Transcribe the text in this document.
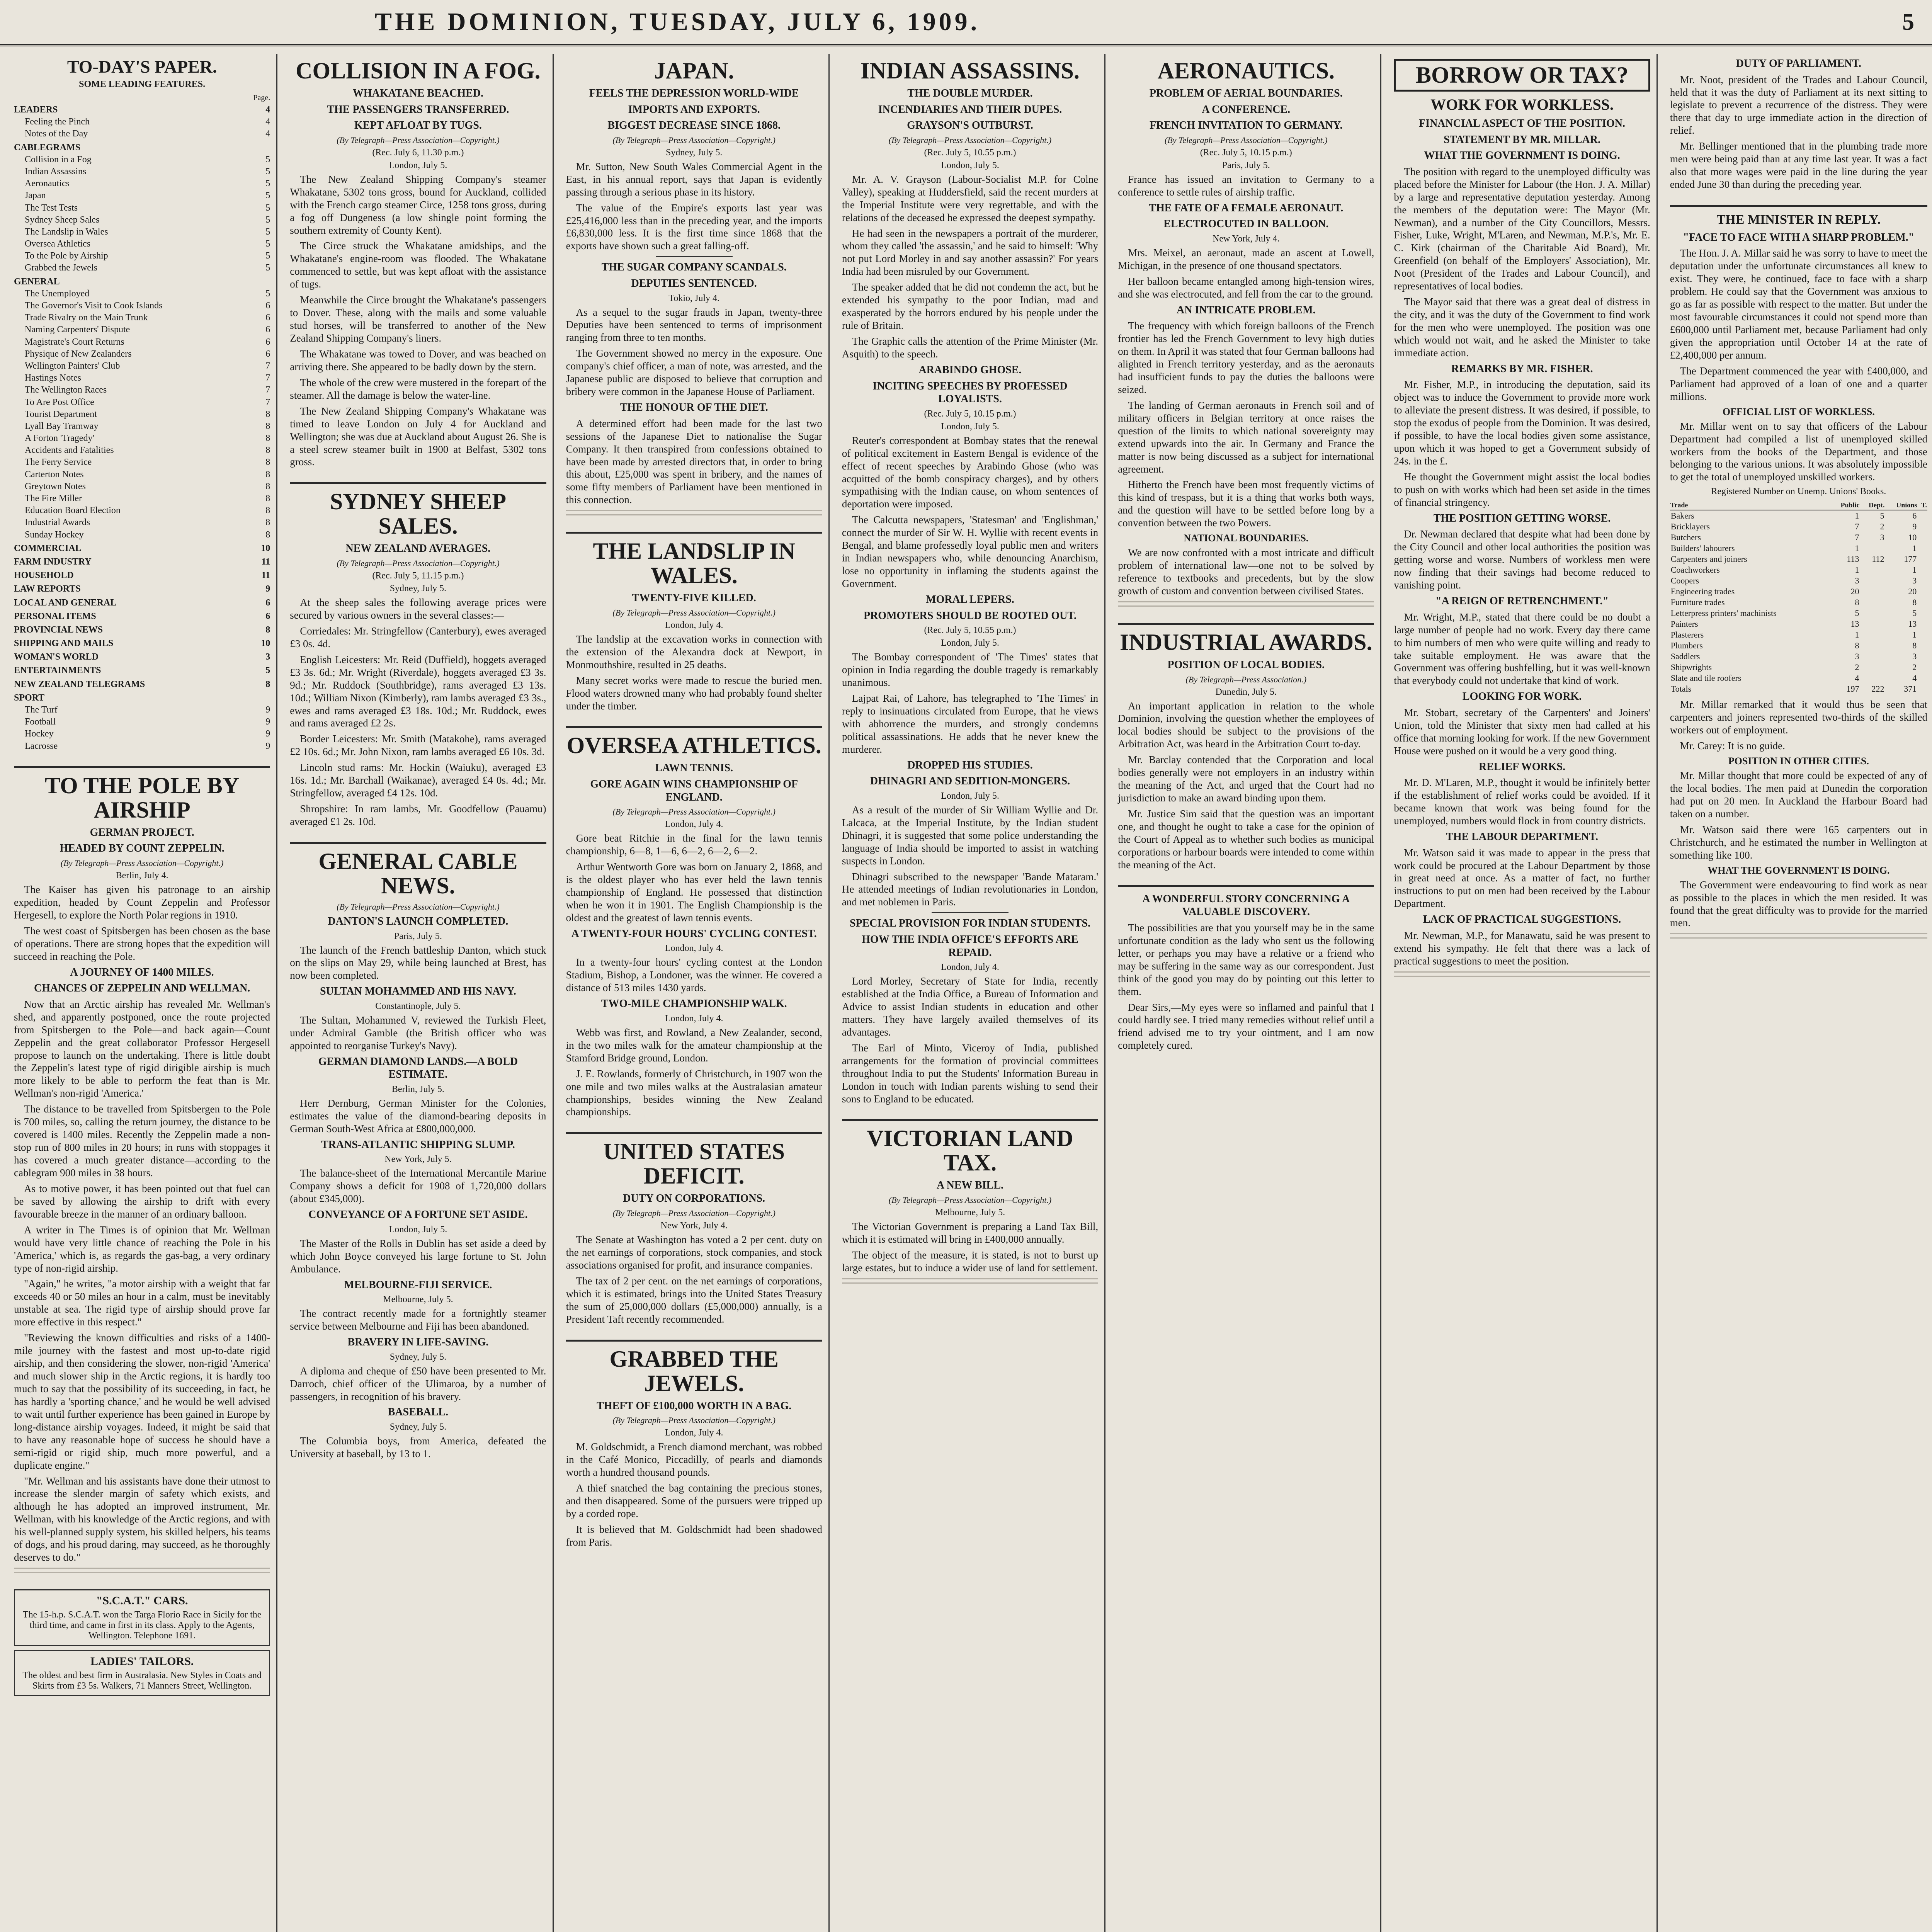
THE DOMINION, TUESDAY, JULY 6, 1909.	5
TO-DAY'S PAPER.
SOME LEADING FEATURES.
Page.
LEADERS	4
Feeling the Pinch	4
Notes of the Day	4
CABLEGRAMS
Collision in a Fog	5
Indian Assassins	5
Aeronautics	5
Japan	5
The Test Tests	5
Sydney Sheep Sales	5
The Landslip in Wales	5
Oversea Athletics	5
To the Pole by Airship	5
Grabbed the Jewels	5
GENERAL
The Unemployed	5
The Governor's Visit to Cook Islands	6
Trade Rivalry on the Main Trunk	6
Naming Carpenters' Dispute	6
Magistrate's Court Returns	6
Physique of New Zealanders	6
Wellington Painters' Club	7
Hastings Notes	7
The Wellington Races	7
To Are Post Office	7
Tourist Department	8
Lyall Bay Tramway	8
A Forton 'Tragedy'	8
Accidents and Fatalities	8
The Ferry Service	8
Carterton Notes	8
Greytown Notes	8
The Fire Miller	8
Education Board Election	8
Industrial Awards	8
Sunday Hockey	8
COMMERCIAL	10
FARM INDUSTRY	11
HOUSEHOLD	11
LAW REPORTS	9
LOCAL AND GENERAL	6
PERSONAL ITEMS	6
PROVINCIAL NEWS	8
SHIPPING AND MAILS	10
WOMAN'S WORLD	3
ENTERTAINMENTS	5
NEW ZEALAND TELEGRAMS	8
SPORT
The Turf	9
Football	9
Hockey	9
Lacrosse	9
TO THE POLE BY AIRSHIP
GERMAN PROJECT.
HEADED BY COUNT ZEPPELIN.
(By Telegraph—Press Association—Copyright.)
Berlin, July 4.

The Kaiser has given his patronage to an airship expedition, headed by Count Zeppelin and Professor Hergesell, to explore the North Polar regions in 1910.

The west coast of Spitsbergen has been chosen as the base of operations. There are strong hopes that the expedition will succeed in reaching the Pole.

A JOURNEY OF 1400 MILES.
CHANCES OF ZEPPELIN AND WELLMAN.

Now that an Arctic airship has revealed Mr. Wellman's shed, and apparently postponed, once the route projected from Spitsbergen to the Pole—and back again—Count Zeppelin and the great collaborator Professor Hergesell propose to launch on the undertaking. There is little doubt the Zeppelin's latest type of rigid dirigible airship is much more likely to be able to perform the feat than is Mr. Wellman's non-rigid 'America.'

The distance to be travelled from Spitsbergen to the Pole is 700 miles, so, calling the return journey, the distance to be covered is 1400 miles. Recently the Zeppelin made a non-stop run of 800 miles in 20 hours; in runs with stoppages it has covered a much greater distance—according to the cablegram 900 miles in 38 hours.

As to motive power, it has been pointed out that fuel can be saved by allowing the airship to drift with every favourable breeze in the manner of an ordinary balloon.

A writer in The Times is of opinion that Mr. Wellman would have very little chance of reaching the Pole in his 'America,' which is, as regards the gas-bag, a very ordinary type of non-rigid airship.

"Again," he writes, "a motor airship with a weight that far exceeds 40 or 50 miles an hour in a calm, must be inevitably unstable at sea. The rigid type of airship should prove far more effective in this respect."

"Reviewing the known difficulties and risks of a 1400-mile journey with the fastest and most up-to-date rigid airship, and then considering the slower, non-rigid 'America' and much slower ship in the Arctic regions, it is hardly too much to say that the possibility of its succeeding, in fact, he has hardly a 'sporting chance,' and he would be well advised to wait until further experience has been gained in Europe by long-distance airship voyages. Indeed, it might be said that to have any reasonable hope of success he should have a semi-rigid or rigid ship, much more powerful, and a duplicate engine."

"Mr. Wellman and his assistants have done their utmost to increase the slender margin of safety which exists, and although he has adopted an improved instrument, Mr. Wellman, with his knowledge of the Arctic regions, and with his well-planned supply system, his skilled helpers, his teams of dogs, and his proud daring, may succeed, as he thoroughly deserves to do."

"S.C.A.T." CARS.
The 15-h.p. S.C.A.T. won the Targa Florio Race in Sicily for the third time, and came in first in its class. Apply to the Agents, Wellington. Telephone 1691.
LADIES' TAILORS.
The oldest and best firm in Australasia. New Styles in Coats and Skirts from £3 5s. Walkers, 71 Manners Street, Wellington.
COLLISION IN A FOG.
WHAKATANE BEACHED.
THE PASSENGERS TRANSFERRED.
KEPT AFLOAT BY TUGS.
(By Telegraph—Press Association—Copyright.)
(Rec. July 6, 11.30 p.m.)
London, July 5.

The New Zealand Shipping Company's steamer Whakatane, 5302 tons gross, bound for Auckland, collided with the French cargo steamer Circe, 1258 tons gross, during a fog off Dungeness (a low shingle point forming the southern extremity of County Kent).

The Circe struck the Whakatane amidships, and the Whakatane's engine-room was flooded. The Whakatane commenced to settle, but was kept afloat with the assistance of tugs.

Meanwhile the Circe brought the Whakatane's passengers to Dover. These, along with the mails and some valuable stud horses, will be transferred to another of the New Zealand Shipping Company's liners.

The Whakatane was towed to Dover, and was beached on arriving there. She appeared to be badly down by the stern.

The whole of the crew were mustered in the forepart of the steamer. All the damage is below the water-line.

The New Zealand Shipping Company's Whakatane was timed to leave London on July 4 for Auckland and Wellington; she was due at Auckland about August 26. She is a steel screw steamer built in 1900 at Belfast, 5302 tons gross.

SYDNEY SHEEP SALES.
NEW ZEALAND AVERAGES.
(By Telegraph—Press Association—Copyright.)
(Rec. July 5, 11.15 p.m.)
Sydney, July 5.

At the sheep sales the following average prices were secured by various owners in the several classes:—

Corriedales: Mr. Stringfellow (Canterbury), ewes averaged £3 0s. 4d.

English Leicesters: Mr. Reid (Duffield), hoggets averaged £3 3s. 6d.; Mr. Wright (Riverdale), hoggets averaged £3 3s. 9d.; Mr. Ruddock (Southbridge), rams averaged £3 13s. 10d.; William Nixon (Kimberly), ram lambs averaged £3 3s., ewes and rams averaged £3 18s. 10d.; Mr. Ruddock, ewes and rams averaged £2 2s.

Border Leicesters: Mr. Smith (Matakohe), rams averaged £2 10s. 6d.; Mr. John Nixon, ram lambs averaged £6 10s. 3d.

Lincoln stud rams: Mr. Hockin (Waiuku), averaged £3 16s. 1d.; Mr. Barchall (Waikanae), averaged £4 0s. 4d.; Mr. Stringfellow, averaged £4 12s. 10d.

Shropshire: In ram lambs, Mr. Goodfellow (Pauamu) averaged £1 2s. 10d.

GENERAL CABLE NEWS.
(By Telegraph—Press Association—Copyright.)
DANTON'S LAUNCH COMPLETED.
Paris, July 5.

The launch of the French battleship Danton, which stuck on the slips on May 29, while being launched at Brest, has now been completed.

SULTAN MOHAMMED AND HIS NAVY.
Constantinople, July 5.

The Sultan, Mohammed V, reviewed the Turkish Fleet, under Admiral Gamble (the British officer who was appointed to reorganise Turkey's Navy).

GERMAN DIAMOND LANDS.—A BOLD ESTIMATE.
Berlin, July 5.

Herr Dernburg, German Minister for the Colonies, estimates the value of the diamond-bearing deposits in German South-West Africa at £800,000,000.

TRANS-ATLANTIC SHIPPING SLUMP.
New York, July 5.

The balance-sheet of the International Mercantile Marine Company shows a deficit for 1908 of 1,720,000 dollars (about £345,000).

CONVEYANCE OF A FORTUNE SET ASIDE.
London, July 5.

The Master of the Rolls in Dublin has set aside a deed by which John Boyce conveyed his large fortune to St. John Ambulance.

MELBOURNE-FIJI SERVICE.
Melbourne, July 5.

The contract recently made for a fortnightly steamer service between Melbourne and Fiji has been abandoned.

BRAVERY IN LIFE-SAVING.
Sydney, July 5.

A diploma and cheque of £50 have been presented to Mr. Darroch, chief officer of the Ulimaroa, by a number of passengers, in recognition of his bravery.

BASEBALL.
Sydney, July 5.

The Columbia boys, from America, defeated the University at baseball, by 13 to 1.

JAPAN.
FEELS THE DEPRESSION WORLD-WIDE
IMPORTS AND EXPORTS.
BIGGEST DECREASE SINCE 1868.
(By Telegraph—Press Association—Copyright.)
Sydney, July 5.

Mr. Sutton, New South Wales Commercial Agent in the East, in his annual report, says that Japan is evidently passing through a serious phase in its history.

The value of the Empire's exports last year was £25,416,000 less than in the preceding year, and the imports £6,830,000 less. It is the first time since 1868 that the exports have shown such a great falling-off.

THE SUGAR COMPANY SCANDALS.
DEPUTIES SENTENCED.
Tokio, July 4.

As a sequel to the sugar frauds in Japan, twenty-three Deputies have been sentenced to terms of imprisonment ranging from three to ten months.

The Government showed no mercy in the exposure. One company's chief officer, a man of note, was arrested, and the Japanese public are disposed to believe that corruption and bribery were common in the Japanese House of Parliament.

THE HONOUR OF THE DIET.

A determined effort had been made for the last two sessions of the Japanese Diet to nationalise the Sugar Company. It then transpired from confessions obtained to have been made by arrested directors that, in order to bring this about, £25,000 was spent in bribery, and the names of some fifty members of Parliament have been mentioned in this connection.

THE LANDSLIP IN WALES.
TWENTY-FIVE KILLED.
(By Telegraph—Press Association—Copyright.)
London, July 4.

The landslip at the excavation works in connection with the extension of the Alexandra dock at Newport, in Monmouthshire, resulted in 25 deaths.

Many secret works were made to rescue the buried men. Flood waters drowned many who had probably found shelter under the timber.

OVERSEA ATHLETICS.
LAWN TENNIS.
GORE AGAIN WINS CHAMPIONSHIP OF ENGLAND.
(By Telegraph—Press Association—Copyright.)
London, July 4.

Gore beat Ritchie in the final for the lawn tennis championship, 6—8, 1—6, 6—2, 6—2, 6—2.

Arthur Wentworth Gore was born on January 2, 1868, and is the oldest player who has ever held the lawn tennis championship of England. He possessed that distinction when he won it in 1901. The English Championship is the oldest and the greatest of lawn tennis events.

A TWENTY-FOUR HOURS' CYCLING CONTEST.
London, July 4.

In a twenty-four hours' cycling contest at the London Stadium, Bishop, a Londoner, was the winner. He covered a distance of 513 miles 1430 yards.

TWO-MILE CHAMPIONSHIP WALK.
London, July 4.

Webb was first, and Rowland, a New Zealander, second, in the two miles walk for the amateur championship at the Stamford Bridge ground, London.

J. E. Rowlands, formerly of Christchurch, in 1907 won the one mile and two miles walks at the Australasian amateur championships, besides winning the New Zealand championships.

UNITED STATES DEFICIT.
DUTY ON CORPORATIONS.
(By Telegraph—Press Association—Copyright.)
New York, July 4.

The Senate at Washington has voted a 2 per cent. duty on the net earnings of corporations, stock companies, and stock associations organised for profit, and insurance companies.

The tax of 2 per cent. on the net earnings of corporations, which it is estimated, brings into the United States Treasury the sum of 25,000,000 dollars (£5,000,000) annually, is a President Taft recently recommended.

GRABBED THE JEWELS.
THEFT OF £100,000 WORTH IN A BAG.
(By Telegraph—Press Association—Copyright.)
London, July 4.

M. Goldschmidt, a French diamond merchant, was robbed in the Café Monico, Piccadilly, of pearls and diamonds worth a hundred thousand pounds.

A thief snatched the bag containing the precious stones, and then disappeared. Some of the pursuers were tripped up by a corded rope.

It is believed that M. Goldschmidt had been shadowed from Paris.

INDIAN ASSASSINS.
THE DOUBLE MURDER.
INCENDIARIES AND THEIR DUPES.
GRAYSON'S OUTBURST.
(By Telegraph—Press Association—Copyright.)
(Rec. July 5, 10.55 p.m.)
London, July 5.

Mr. A. V. Grayson (Labour-Socialist M.P. for Colne Valley), speaking at Huddersfield, said the recent murders at the Imperial Institute were very regrettable, and with the relations of the deceased he expressed the deepest sympathy.

He had seen in the newspapers a portrait of the murderer, whom they called 'the assassin,' and he said to himself: 'Why not put Lord Morley in and say another assassin?' For years India had been misruled by our Government.

The speaker added that he did not condemn the act, but he extended his sympathy to the poor Indian, mad and exasperated by the horrors endured by his people under the rule of Britain.

The Graphic calls the attention of the Prime Minister (Mr. Asquith) to the speech.

ARABINDO GHOSE.
INCITING SPEECHES BY PROFESSED LOYALISTS.
(Rec. July 5, 10.15 p.m.)
London, July 5.

Reuter's correspondent at Bombay states that the renewal of political excitement in Eastern Bengal is evidence of the effect of recent speeches by Arabindo Ghose (who was acquitted of the bomb conspiracy charges), and by others sympathising with the Indian cause, on whom sentences of deportation were imposed.

The Calcutta newspapers, 'Statesman' and 'Englishman,' connect the murder of Sir W. H. Wyllie with recent events in Bengal, and blame professedly loyal public men and writers in Indian newspapers who, while denouncing Anarchism, lose no opportunity in inflaming the students against the Government.

MORAL LEPERS.
PROMOTERS SHOULD BE ROOTED OUT.
(Rec. July 5, 10.55 p.m.)
London, July 5.

The Bombay correspondent of 'The Times' states that opinion in India regarding the double tragedy is remarkably unanimous.

Lajpat Rai, of Lahore, has telegraphed to 'The Times' in reply to insinuations circulated from Europe, that he views with abhorrence the murders, and strongly condemns political assassinations. He adds that he never knew the murderer.

DROPPED HIS STUDIES.
DHINAGRI AND SEDITION-MONGERS.
London, July 5.

As a result of the murder of Sir William Wyllie and Dr. Lalcaca, at the Imperial Institute, by the Indian student Dhinagri, it is suggested that some police understanding the language of India should be imported to assist in watching suspects in London.

Dhinagri subscribed to the newspaper 'Bande Mataram.' He attended meetings of Indian revolutionaries in London, and met noblemen in Paris.

SPECIAL PROVISION FOR INDIAN STUDENTS.
HOW THE INDIA OFFICE'S EFFORTS ARE REPAID.
London, July 4.

Lord Morley, Secretary of State for India, recently established at the India Office, a Bureau of Information and Advice to assist Indian students in education and other matters. They have largely availed themselves of its advantages.

The Earl of Minto, Viceroy of India, published arrangements for the formation of provincial committees throughout India to put the Students' Information Bureau in London in touch with Indian parents wishing to send their sons to England to be educated.

VICTORIAN LAND TAX.
A NEW BILL.
(By Telegraph—Press Association—Copyright.)
Melbourne, July 5.

The Victorian Government is preparing a Land Tax Bill, which it is estimated will bring in £400,000 annually.

The object of the measure, it is stated, is not to burst up large estates, but to induce a wider use of land for settlement.

AERONAUTICS.
PROBLEM OF AERIAL BOUNDARIES.
A CONFERENCE.
FRENCH INVITATION TO GERMANY.
(By Telegraph—Press Association—Copyright.)
(Rec. July 5, 10.15 p.m.)
Paris, July 5.

France has issued an invitation to Germany to a conference to settle rules of airship traffic.

THE FATE OF A FEMALE AERONAUT.
ELECTROCUTED IN BALLOON.
New York, July 4.

Mrs. Meixel, an aeronaut, made an ascent at Lowell, Michigan, in the presence of one thousand spectators.

Her balloon became entangled among high-tension wires, and she was electrocuted, and fell from the car to the ground.

AN INTRICATE PROBLEM.

The frequency with which foreign balloons of the French frontier has led the French Government to levy high duties on them. In April it was stated that four German balloons had alighted in French territory yesterday, and as the aeronauts had insufficient funds to pay the duties the balloons were seized.

The landing of German aeronauts in French soil and of military officers in Belgian territory at once raises the question of the limits to which national sovereignty may extend upwards into the air. In Germany and France the matter is now being discussed as a subject for international agreement.

Hitherto the French have been most frequently victims of this kind of trespass, but it is a thing that works both ways, and the question will have to be settled before long by a convention between the two Powers.

NATIONAL BOUNDARIES.

We are now confronted with a most intricate and difficult problem of international law—one not to be solved by reference to textbooks and precedents, but by the slow growth of custom and convention between civilised States.

INDUSTRIAL AWARDS.
POSITION OF LOCAL BODIES.
(By Telegraph—Press Association.)
Dunedin, July 5.

An important application in relation to the whole Dominion, involving the question whether the employees of local bodies should be subject to the provisions of the Arbitration Act, was heard in the Arbitration Court to-day.

Mr. Barclay contended that the Corporation and local bodies generally were not employers in an industry within the meaning of the Act, and urged that the Court had no jurisdiction to make an award binding upon them.

Mr. Justice Sim said that the question was an important one, and thought he ought to take a case for the opinion of the Court of Appeal as to whether such bodies as municipal corporations or harbour boards were intended to come within the meaning of the Act.

A WONDERFUL STORY CONCERNING A VALUABLE DISCOVERY.

The possibilities are that you yourself may be in the same unfortunate condition as the lady who sent us the following letter, or perhaps you may have a relative or a friend who may be suffering in the same way as our correspondent. Just think of the good you may do by pointing out this letter to them.

Dear Sirs,—My eyes were so inflamed and painful that I could hardly see. I tried many remedies without relief until a friend advised me to try your ointment, and I am now completely cured.

BORROW OR TAX?
WORK FOR WORKLESS.
FINANCIAL ASPECT OF THE POSITION.
STATEMENT BY MR. MILLAR.
WHAT THE GOVERNMENT IS DOING.

The position with regard to the unemployed difficulty was placed before the Minister for Labour (the Hon. J. A. Millar) by a large and representative deputation yesterday. Among the members of the deputation were: The Mayor (Mr. Newman), and a number of the City Councillors, Messrs. Fisher, Luke, Wright, M'Laren, and Newman, M.P.'s, Mr. E. C. Kirk (chairman of the Charitable Aid Board), Mr. Greenfield (on behalf of the Employers' Association), Mr. Noot (President of the Trades and Labour Council), and representatives of local bodies.

The Mayor said that there was a great deal of distress in the city, and it was the duty of the Government to find work for the men who were unemployed. The position was one which would not wait, and he asked the Minister to take immediate action.

REMARKS BY MR. FISHER.

Mr. Fisher, M.P., in introducing the deputation, said its object was to induce the Government to provide more work to alleviate the present distress. It was desired, if possible, to stop the exodus of people from the Dominion. It was desired, if possible, to have the local bodies given some assistance, upon which it was hoped to get a Government subsidy of 24s. in the £.

He thought the Government might assist the local bodies to push on with works which had been set aside in the times of financial stringency.

THE POSITION GETTING WORSE.

Dr. Newman declared that despite what had been done by the City Council and other local authorities the position was getting worse and worse. Numbers of workless men were now finding that their savings had become reduced to vanishing point.

"A REIGN OF RETRENCHMENT."

Mr. Wright, M.P., stated that there could be no doubt a large number of people had no work. Every day there came to him numbers of men who were quite willing and ready to take suitable employment. He was aware that the Government was offering bushfelling, but it was well-known that everybody could not undertake that kind of work.

LOOKING FOR WORK.

Mr. Stobart, secretary of the Carpenters' and Joiners' Union, told the Minister that sixty men had called at his office that morning looking for work. If the new Government House were pushed on it would be a very good thing.

RELIEF WORKS.

Mr. D. M'Laren, M.P., thought it would be infinitely better if the establishment of relief works could be avoided. If it became known that work was being found for the unemployed, numbers would flock in from country districts.

THE LABOUR DEPARTMENT.

Mr. Watson said it was made to appear in the press that work could be procured at the Labour Department by those in great need at once. As a matter of fact, no further instructions to put on men had been received by the Labour Department.

LACK OF PRACTICAL SUGGESTIONS.

Mr. Newman, M.P., for Manawatu, said he was present to extend his sympathy. He felt that there was a lack of practical suggestions to meet the position.

DUTY OF PARLIAMENT.

Mr. Noot, president of the Trades and Labour Council, held that it was the duty of Parliament at its next sitting to legislate to prevent a recurrence of the distress. They were there that day to urge immediate action in the direction of relief.

Mr. Bellinger mentioned that in the plumbing trade more men were being paid than at any time last year. It was a fact also that more wages were paid in the line during the year ended June 30 than during the preceding year.

THE MINISTER IN REPLY.
"FACE TO FACE WITH A SHARP PROBLEM."

The Hon. J. A. Millar said he was sorry to have to meet the deputation under the unfortunate circumstances all knew to exist. They were, he continued, face to face with a sharp problem. He could say that the Government was anxious to go as far as possible with respect to the matter. But under the most favourable circumstances it could not spend more than £600,000 until Parliament met, because Parliament had only given the appropriation until October 14 at the rate of £2,400,000 per annum.

The Department commenced the year with £400,000, and Parliament had approved of a loan of one and a quarter millions.

OFFICIAL LIST OF WORKLESS.

Mr. Millar went on to say that officers of the Labour Department had compiled a list of unemployed skilled workers from the books of the Department, and those belonging to the various unions. It was absolutely impossible to get the total of unemployed unskilled workers.

Registered Number on Unemp. Unions' Books.
Trade	Public	Dept.	Unions	T.
Bakers	1	5	6	
Bricklayers	7	2	9	
Butchers	7	3	10	
Builders' labourers	1		1	
Carpenters and joiners	113	112	177	
Coachworkers	1		1	
Coopers	3		3	
Engineering trades	20		20	
Furniture trades	8		8	
Letterpress printers' machinists	5		5	
Painters	13		13	
Plasterers	1		1	
Plumbers	8		8	
Saddlers	3		3	
Shipwrights	2		2	
Slate and tile roofers	4		4	
Totals	197	222	371	

Mr. Millar remarked that it would thus be seen that carpenters and joiners represented two-thirds of the skilled workers out of employment.

Mr. Carey: It is no guide.

POSITION IN OTHER CITIES.

Mr. Millar thought that more could be expected of any of the local bodies. The men paid at Dunedin the corporation had put on 20 men. In Auckland the Harbour Board had taken on a number.

Mr. Watson said there were 165 carpenters out in Christchurch, and he estimated the number in Wellington at something like 100.

WHAT THE GOVERNMENT IS DOING.

The Government were endeavouring to find work as near as possible to the places in which the men resided. It was found that the great difficulty was to provide for the married men.
